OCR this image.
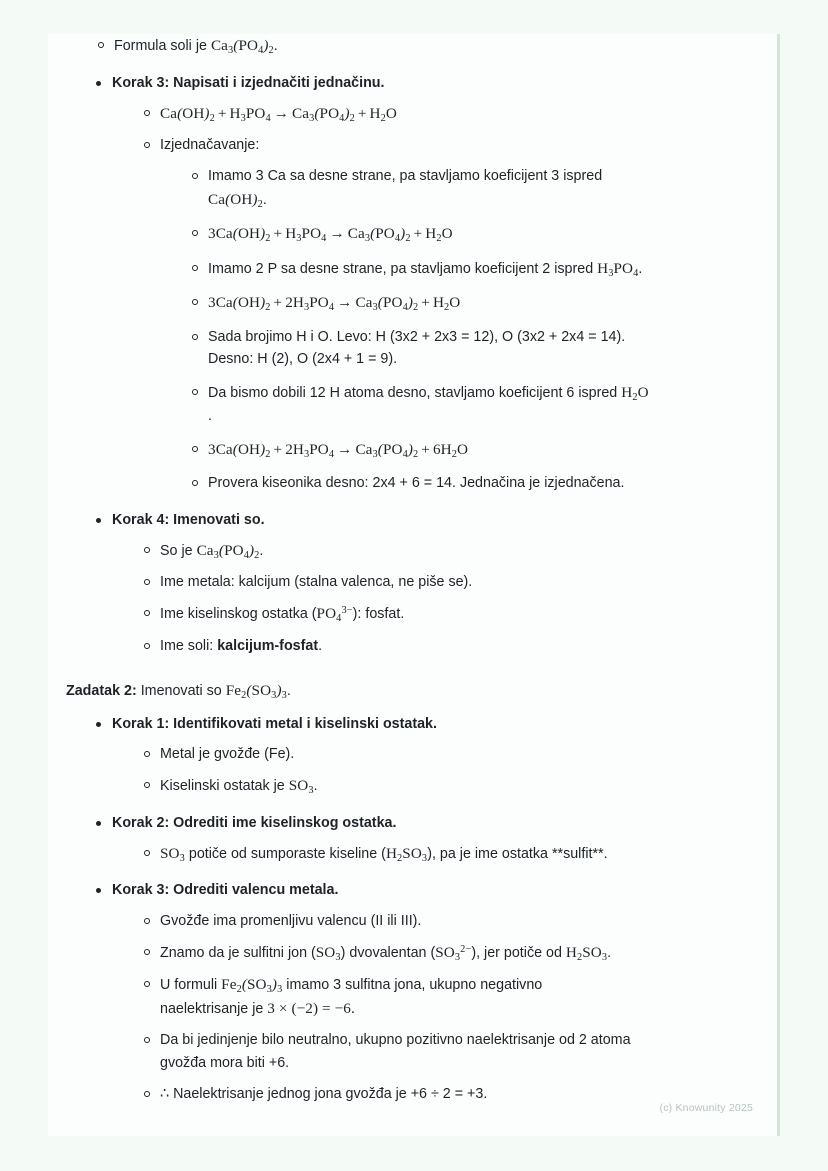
Formula soli je $Ca_3(PO_4)_2$.
Korak 3: Napisati i izjednačiti jednačinu.
$Ca(OH)_2 + H_3PO_4 \to Ca_3(PO_4)_2 + H_2O$
Izjednačavanje:
Imamo 3 Ca sa desne strane, pa stavljamo koeficijent 3 ispred
$Ca(OH)_2$.
$3Ca(OH)_2 + H_3PO_4 \to Ca_3(PO_4)_2 + H_2O$
Imamo 2 P sa desne strane, pa stavljamo koeficijent 2 ispred $H_3PO_4$.
$3Ca(OH)_2 + 2H_3PO_4 \to Ca_3(PO_4)_2 + H_2O$
Sada brojimo H i O. Levo: H (3x2 + 2x3 = 12), O (3x2 + 2x4 = 14).
Desno: H (2), O (2x4 + 1 = 9).
Da bismo dobili 12 H atoma desno, stavljamo koeficijent 6 ispred $H_2O$
.
$3Ca(OH)_2 + 2H_3PO_4 \to Ca_3(PO_4)_2 + 6H_2O$
Provera kiseonika desno: 2x4 + 6 = 14. Jednačina je izjednačena.
Korak 4: Imenovati so.
So je $Ca_3(PO_4)_2$.
Ime metala: kalcijum (stalna valenca, ne piše se).
Ime kiselinskog ostatka $(PO_4^{3-})$: fosfat.
Ime soli: kalcijum-fosfat.
Zadatak 2: Imenovati so $Fe_2(SO_3)_3$.
Korak 1: Identifikovati metal i kiselinski ostatak.
Metal je gvožđe (Fe).
Kiselinski ostatak je $SO_3$.
Korak 2: Odrediti ime kiselinskog ostatka.
$SO_3$ potiče od sumporaste kiseline $(H_2SO_3)$, pa je ime ostatka **sulfit**.
Korak 3: Odrediti valencu metala.
Gvožđe ima promenljivu valencu (II ili III).
Znamo da je sulfitni jon $(SO_3)$ dvovalentan $(SO_3^{2-})$, jer potiče od $H_2SO_3$.
U formuli $Fe_2(SO_3)_3$ imamo 3 sulfitna jona, ukupno negativno
naelektrisanje je 3 × (−2) = −6.
Da bi jedinjenje bilo neutralno, ukupno pozitivno naelektrisanje od 2 atoma
gvožđa mora biti +6.
∴ Naelektrisanje jednog jona gvožđa je +6 ÷ 2 = +3.
(c) Knowunity 2025
